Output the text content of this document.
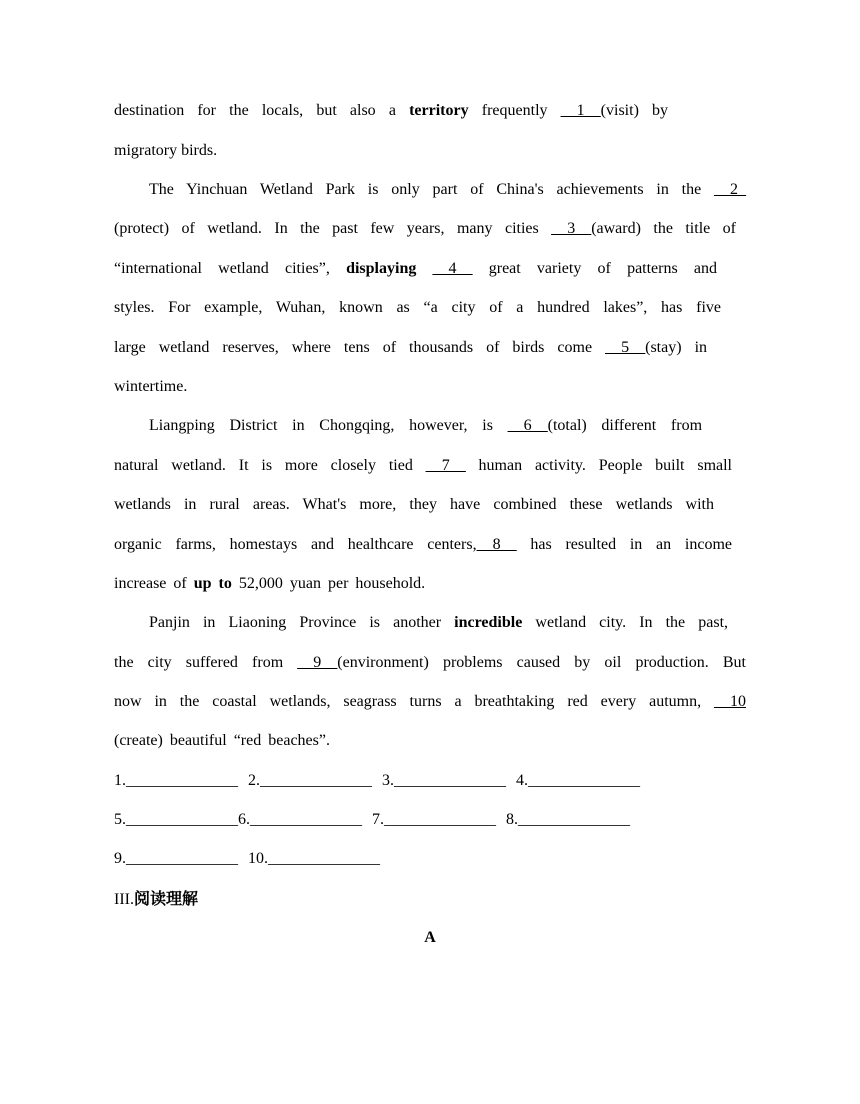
destination for the locals, but also a territory frequently __1__(visit) by
migratory birds.
The Yinchuan Wetland Park is only part of China's achievements in the __2_
(protect) of wetland. In the past few years, many cities __3__(award) the title of
“international wetland cities”, displaying __4__ great variety of patterns and
styles. For example, Wuhan, known as “a city of a hundred lakes”, has five
large wetland reserves, where tens of thousands of birds come __5__(stay) in
wintertime.
Liangping District in Chongqing, however, is __6__(total) different from
natural wetland. It is more closely tied __7__ human activity. People built small
wetlands in rural areas. What's more, they have combined these wetlands with
organic farms, homestays and healthcare centers,__8__ has resulted in an income
increase of up to 52,000 yuan per household.
Panjin in Liaoning Province is another incredible wetland city. In the past,
the city suffered from __9__(environment) problems caused by oil production. But
now in the coastal wetlands, seagrass turns a breathtaking red every autumn, __10
(create) beautiful “red beaches”.
1.______________ 2.______________ 3.______________ 4.______________
5.______________6.______________ 7.______________ 8.______________
9.______________ 10.______________
III.阅读理解
A
